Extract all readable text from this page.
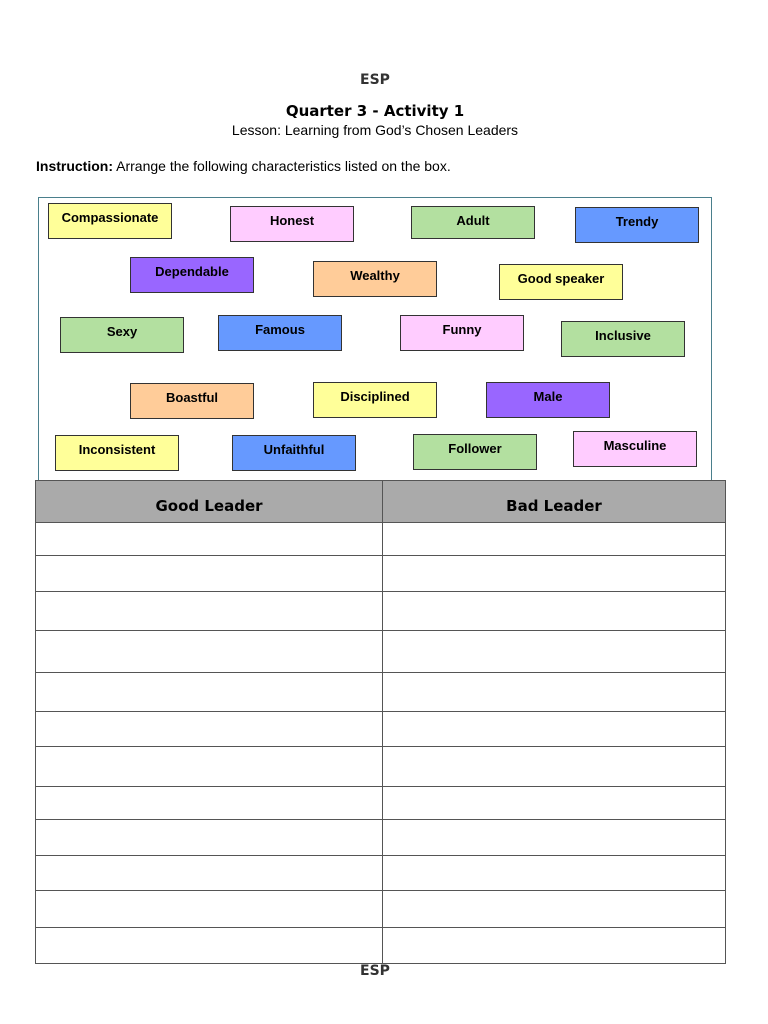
ESP
Quarter 3 - Activity 1
Lesson: Learning from God’s Chosen Leaders
Instruction: Arrange the following characteristics listed on the box.
Compassionate	Honest	Adult	Trendy
Dependable	Wealthy	Good speaker
Sexy	Famous	Funny	Inclusive
Boastful	Disciplined	Male
Inconsistent	Unfaithful	Follower	Masculine
Good Leader	Bad Leader

ESP
